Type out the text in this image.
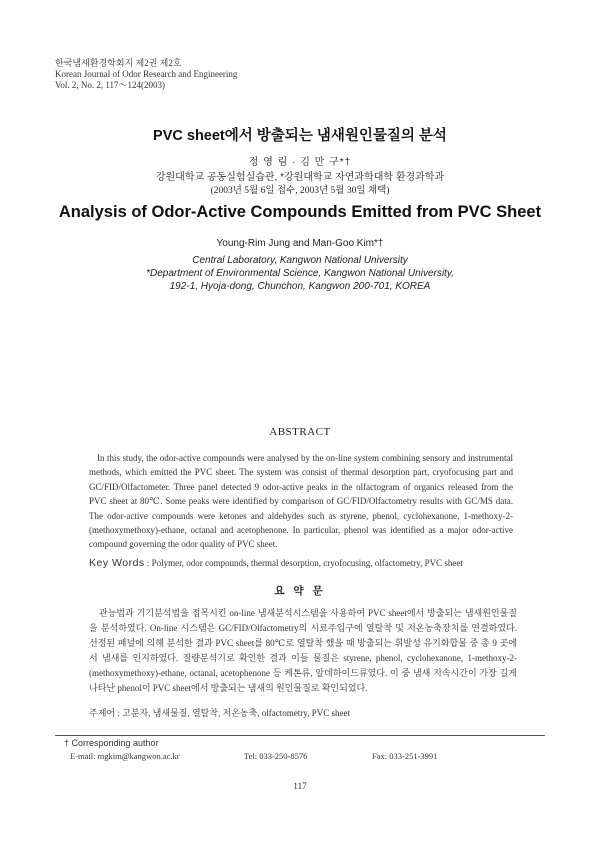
한국냄새환경학회지 제2권 제2호
Korean Journal of Odor Research and Engineering
Vol. 2, No. 2, 117～124(2003)
PVC sheet에서 방출되는 냄새원인물질의 분석
정 영 림 · 김 만 구*†
강원대학교 공동실험실습관, *강원대학교 자연과학대학 환경과학과
(2003년 5월 6일 접수, 2003년 5월 30일 채택)
Analysis of Odor-Active Compounds Emitted from PVC Sheet
Young-Rim Jung and Man-Goo Kim*†
Central Laboratory, Kangwon National University
*Department of Environmental Science, Kangwon National University,
192-1, Hyoja-dong, Chunchon, Kangwon 200-701, KOREA
ABSTRACT
In this study, the odor-active compounds were analysed by the on-line system combining sensory and instrumental methods, which emitted the PVC sheet. The system was consist of thermal desorption part, cryofocusing part and GC/FID/Olfactometer. Three panel detected 9 odor-active peaks in the olfactogram of organics released from the PVC sheet at 80℃. Some peaks were identified by comparison of GC/FID/Olfactometry results with GC/MS data. The odor-active compounds were ketones and aldehydes such as styrene, phenol, cyclohexanone, 1-methoxy-2-(methoxymethoxy)-ethane, octanal and acetophenone. In particular, phenol was identified as a major odor-active compound governing the odor quality of PVC sheet.
Key Words : Polymer, odor compounds, thermal desorption, cryofocusing, olfactometry, PVC sheet
요 약 문
관능법과 기기분석법을 접목시킨 on-line 냄새분석시스템을 사용하여 PVC sheet에서 방출되는 냄새원인물질을 분석하였다. On-line 시스템은 GC/FID/Olfactometry의 시료주입구에 열탈착 및 저온농축장치를 연결하였다. 선정된 패널에 의해 분석한 결과 PVC sheet를 80℃로 열탈착 했을 때 방출되는 휘발성 유기화합물 중 총 9 곳에서 냄새를 인지하였다. 질량분석기로 확인한 결과 이들 물질은 styrene, phenol, cyclohexanone, 1-methoxy-2-(methoxymethoxy)-ethane, octanal, acetophenone 등 케톤류, 알데하이드류였다. 이 중 냄새 지속시간이 가장 길게 나타난 phenol이 PVC sheet에서 방출되는 냄새의 원인물질로 확인되었다.
주제어 : 고분자, 냄새물질, 열탈착, 저온농축, olfactometry, PVC sheet
† Corresponding author
E-mail: mgkim@kangwon.ac.kr	Tel: 033-250-8576	Fax: 033-251-3991
117
